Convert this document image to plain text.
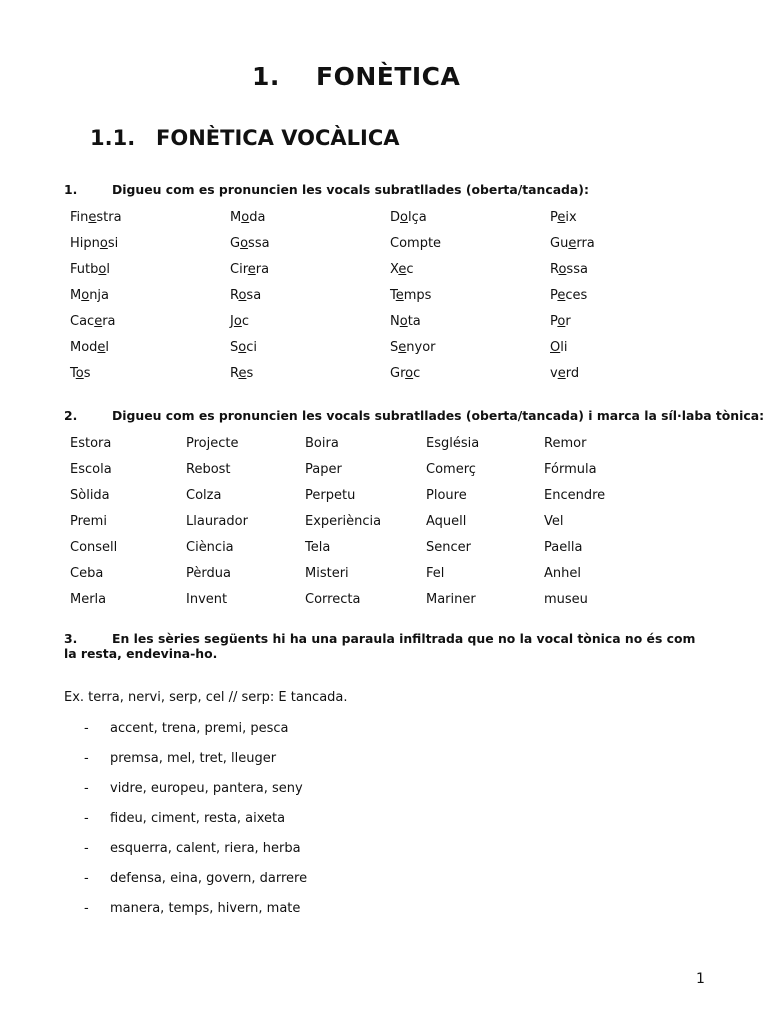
1. FONÈTICA
1.1. FONÈTICA VOCÀLICA
1.	Digueu com es pronuncien les vocals subratllades (oberta/tancada):
Finestra	Moda	Dolça	Peix
Hipnosi	Gossa	Compte	Guerra
Futbol	Cirera	Xec	Rossa
Monja	Rosa	Temps	Peces
Cacera	Joc	Nota	Por
Model	Soci	Senyor	Oli
Tos	Res	Groc	verd
2.	Digueu com es pronuncien les vocals subratllades (oberta/tancada) i marca la síl·laba tònica:
Estora	Projecte	Boira	Església	Remor
Escola	Rebost	Paper	Comerç	Fórmula
Sòlida	Colza	Perpetu	Ploure	Encendre
Premi	Llaurador	Experiència	Aquell	Vel
Consell	Ciència	Tela	Sencer	Paella
Ceba	Pèrdua	Misteri	Fel	Anhel
Merla	Invent	Correcta	Mariner	museu
3.	En les sèries següents hi ha una paraula infiltrada que no la vocal tònica no és com la resta, endevina-ho.
Ex. terra, nervi, serp, cel // serp: E tancada.
- accent, trena, premi, pesca
- premsa, mel, tret, lleuger
- vidre, europeu, pantera, seny
- fideu, ciment, resta, aixeta
- esquerra, calent, riera, herba
- defensa, eina, govern, darrere
- manera, temps, hivern, mate
1
